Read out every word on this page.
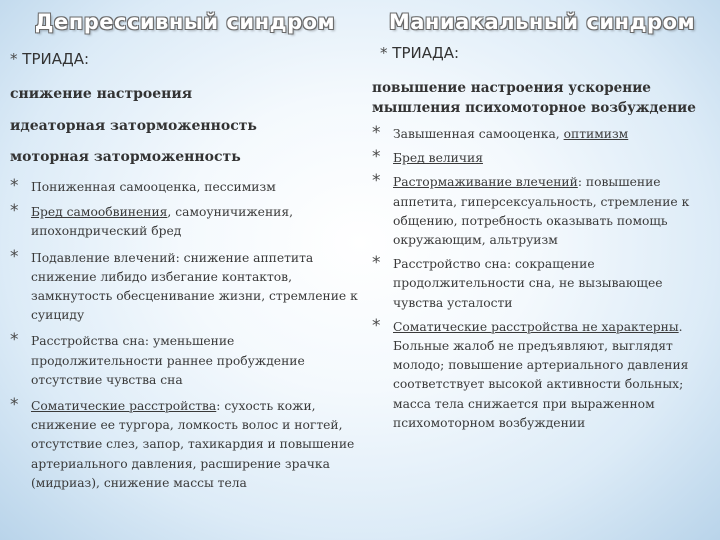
Депрессивный синдром
* ТРИАДА:
снижение настроения
идеаторная заторможенность
моторная заторможенность
* Пониженная самооценка, пессимизм
* Бред самообвинения, самоуничижения, ипохондрический бред
* Подавление влечений: снижение аппетита снижение либидо избегание контактов, замкнутость обесценивание жизни, стремление к суициду
* Расстройства сна: уменьшение продолжительности раннее пробуждение отсутствие чувства сна
* Соматические расстройства: сухость кожи, снижение ее тургора, ломкость волос и ногтей, отсутствие слез, запор, тахикардия и повышение артериального давления, расширение зрачка (мидриаз), снижение массы тела
Маниакальный синдром
* ТРИАДА:
повышение настроения ускорение мышления психомоторное возбуждение
* Завышенная самооценка, оптимизм
* Бред величия
* Растормаживание влечений: повышение аппетита, гиперсексуальность, стремление к общению, потребность оказывать помощь окружающим, альтруизм
* Расстройство сна: сокращение продолжительности сна, не вызывающее чувства усталости
* Соматические расстройства не характерны. Больные жалоб не предъявляют, выглядят молодо; повышение артериального давления соответствует высокой активности больных; масса тела снижается при выраженном психомоторном возбуждении
